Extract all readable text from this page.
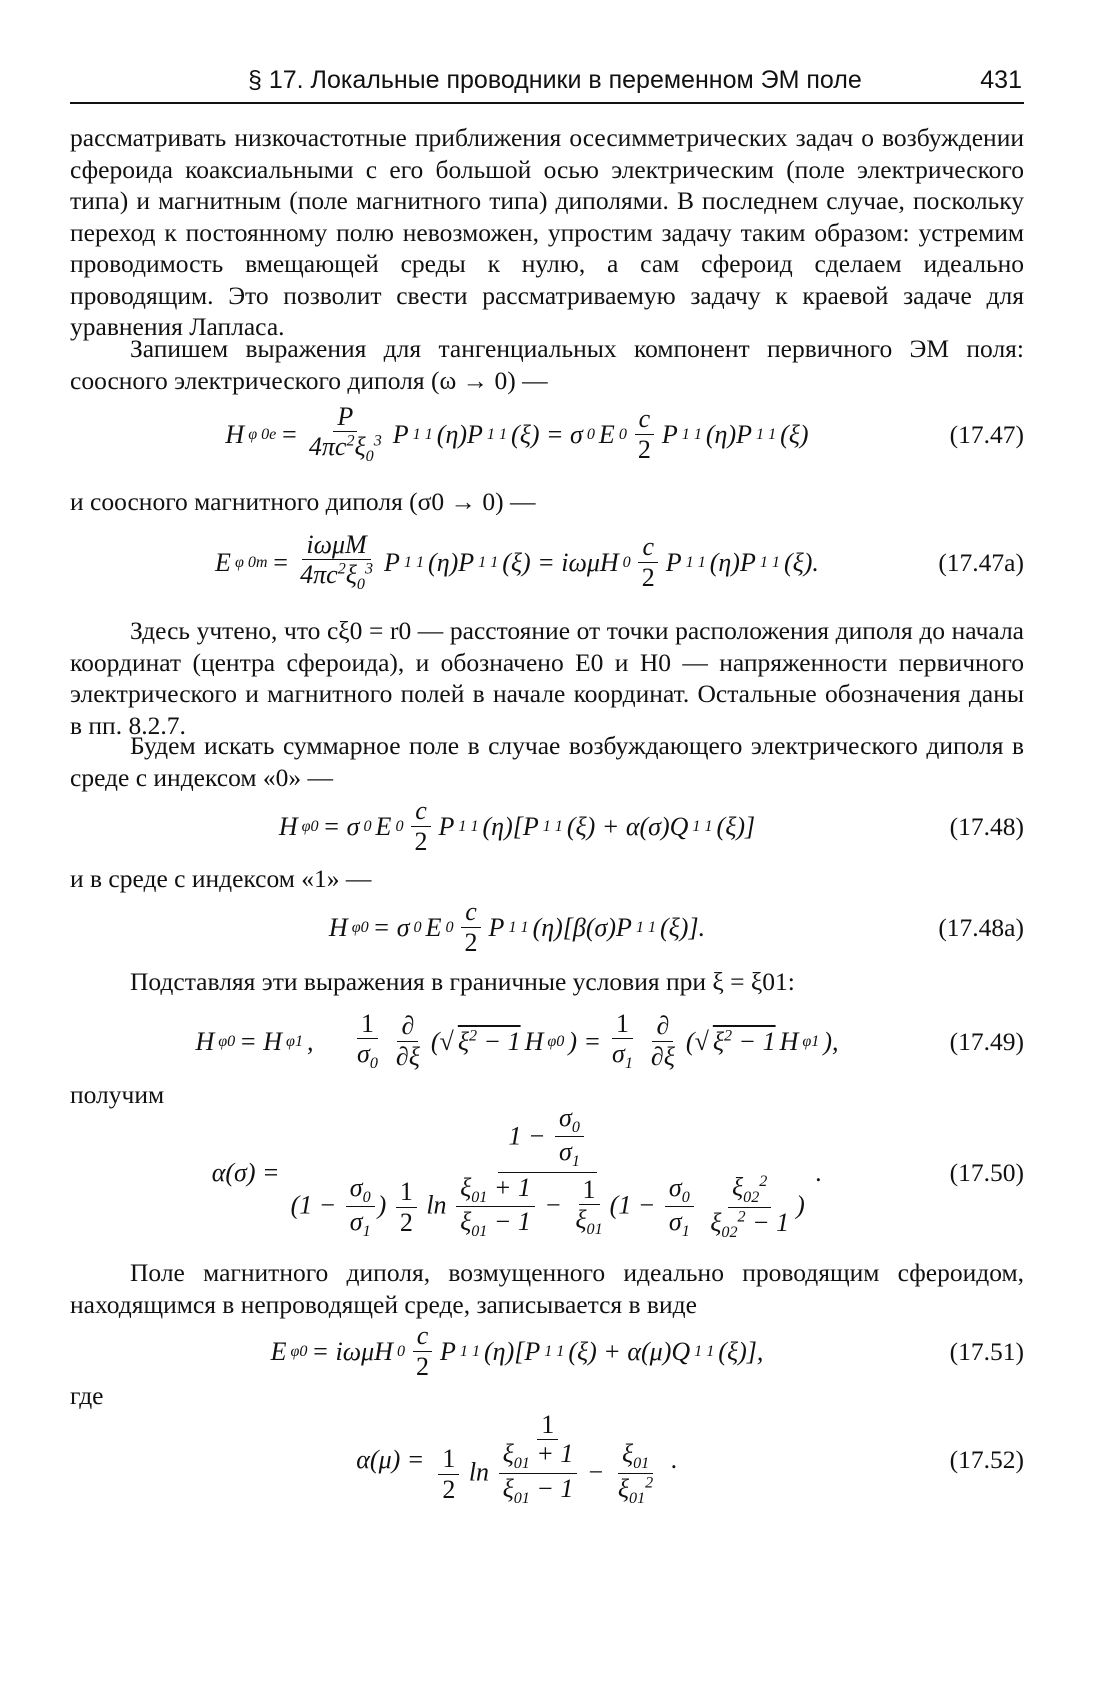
§ 17. Локальные проводники в переменном ЭМ поле	431

рассматривать низкочастотные приближения осесимметрических задач о возбуждении сфероида коаксиальными с его большой осью электрическим (поле электрического типа) и магнитным (поле магнитного типа) диполями. В последнем случае, поскольку переход к постоянному полю невозможен, упростим задачу таким образом: устремим проводимость вмещающей среды к нулю, а сам сфероид сделаем идеально проводящим. Это позволит свести рассматриваемую задачу к краевой задаче для уравнения Лапласа.

Запишем выражения для тангенциальных компонент первичного ЭМ поля: соосного электрического диполя (ω → 0) —

H φ $0e = \frac{P}{4\pi c^2\xi_0^3}$ P 1 1 (η)P 1 1 (ξ) = σ 0 E $0 \frac{c}{2}$ P 1 1 (η)P 1 1 (ξ)	(17.47)

и соосного магнитного диполя (σ0 → 0) —

E φ $0m = \frac{\text{iωμM}}{4\pi c^2\xi_0^3}$ P 1 1 (η)P 1 1 (ξ) = iωμH $0 \frac{c}{2}$ P 1 1 (η)P 1 1 (ξ).	(17.47a)

Здесь учтено, что cξ0 = r0 — расстояние от точки расположения диполя до начала координат (центра сфероида), и обозначено E0 и H0 — напряженности первичного электрического и магнитного полей в начале координат. Остальные обозначения даны в пп. 8.2.7.

Будем искать суммарное поле в случае возбуждающего электрического диполя в среде с индексом «0» —

H φ0 = σ 0 E $0 \frac{c}{2}$ P 1 1 (η)[P 1 1 (ξ) + α(σ)Q 1 1 (ξ)]	(17.48)

и в среде с индексом «1» —

H φ0 = σ 0 E $0 \frac{c}{2}$ P 1 1 (η)[β(σ)P 1 1 (ξ)].	(17.48a)

Подставляя эти выражения в граничные условия при ξ = ξ01:

H φ0 = H φ1 , $\frac{1}{\sigma_0} \frac{\partial}{\partial\xi}$ (√ $\xi^2 - 1$ H φ0 ) = $\frac{1}{\sigma_1} \frac{\partial}{\partial\xi}$ (√ $\xi^2 - 1$ H φ1 ),	(17.49)

получим

α(σ) =
$1 - \frac{\sigma_0}{\sigma_1}$
($1 - \frac{\sigma_0}{\sigma_1}$ ) $\frac{1}{2}$ $\ln \frac{\xi_{01} + 1}{\xi_{01} - 1} - \frac{1}{\xi_{01}} (1 - \frac{\sigma_0}{\sigma_1}$
$\frac{\xi_{02}^2}{\xi_{02}^2 - 1}$ )
.	(17.50)

Поле магнитного диполя, возмущенного идеально проводящим сфероидом, находящимся в непроводящей среде, записывается в виде

E φ0 = iωμH $0 \frac{c}{2}$ P 1 1 (η)[P 1 1 (ξ) + α(μ)Q 1 1 (ξ)],	(17.51)

где

$\alpha(\mu) = \frac{1}{\frac{1}{2} \ln \frac{\xi_{01} + 1}{\xi_{01} - 1} - \frac{\xi_{01}}{\xi_{01}^2}}$ .	(17.52)
